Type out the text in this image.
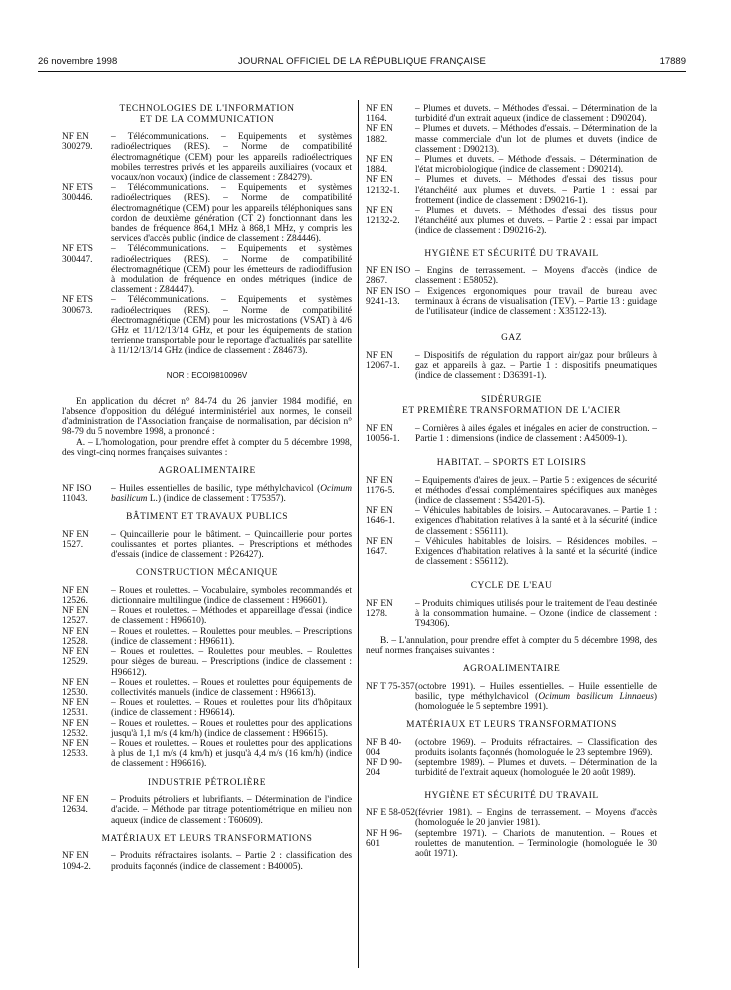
26 novembre 1998	JOURNAL OFFICIEL DE LA RÉPUBLIQUE FRANÇAISE	17889
TECHNOLOGIES DE L'INFORMATION
ET DE LA COMMUNICATION
NF EN 300279.
– Télécommunications. – Equipements et systèmes radioélectriques (RES). – Norme de compatibilité électromagnétique (CEM) pour les appareils radioélectriques mobiles terrestres privés et les appareils auxiliaires (vocaux et vocaux/non vocaux) (indice de classement : Z84279).
NF ETS 300446.
– Télécommunications. – Equipements et systèmes radioélectriques (RES). – Norme de compatibilité électromagnétique (CEM) pour les appareils téléphoniques sans cordon de deuxième génération (CT 2) fonctionnant dans les bandes de fréquence 864,1 MHz à 868,1 MHz, y compris les services d'accès public (indice de classement : Z84446).
NF ETS 300447.
– Télécommunications. – Equipements et systèmes radioélectriques (RES). – Norme de compatibilité électromagnétique (CEM) pour les émetteurs de radiodiffusion à modulation de fréquence en ondes métriques (indice de classement : Z84447).
NF ETS 300673.
– Télécommunications. – Equipements et systèmes radioélectriques (RES). – Norme de compatibilité électromagnétique (CEM) pour les microstations (VSAT) à 4/6 GHz et 11/12/13/14 GHz, et pour les équipements de station terrienne transportable pour le reportage d'actualités par satellite à 11/12/13/14 GHz (indice de classement : Z84673).
NOR : ECOI9810096V
En application du décret n° 84-74 du 26 janvier 1984 modifié, en l'absence d'opposition du délégué interministériel aux normes, le conseil d'administration de l'Association française de normalisation, par décision n° 98-79 du 5 novembre 1998, a prononcé :
A. – L'homologation, pour prendre effet à compter du 5 décembre 1998, des vingt-cinq normes françaises suivantes :
AGROALIMENTAIRE
NF ISO 11043.
– Huiles essentielles de basilic, type méthylchavicol (Ocimum basilicum L.) (indice de classement : T75357).
BÂTIMENT ET TRAVAUX PUBLICS
NF EN 1527.
– Quincaillerie pour le bâtiment. – Quincaillerie pour portes coulissantes et portes pliantes. – Prescriptions et méthodes d'essais (indice de classement : P26427).
CONSTRUCTION MÉCANIQUE
NF EN 12526.
– Roues et roulettes. – Vocabulaire, symboles recommandés et dictionnaire multilingue (indice de classement : H96601).
NF EN 12527.
– Roues et roulettes. – Méthodes et appareillage d'essai (indice de classement : H96610).
NF EN 12528.
– Roues et roulettes. – Roulettes pour meubles. – Prescriptions (indice de classement : H96611).
NF EN 12529.
– Roues et roulettes. – Roulettes pour meubles. – Roulettes pour sièges de bureau. – Prescriptions (indice de classement : H96612).
NF EN 12530.
– Roues et roulettes. – Roues et roulettes pour équipements de collectivités manuels (indice de classement : H96613).
NF EN 12531.
– Roues et roulettes. – Roues et roulettes pour lits d'hôpitaux (indice de classement : H96614).
NF EN 12532.
– Roues et roulettes. – Roues et roulettes pour des applications jusqu'à 1,1 m/s (4 km/h) (indice de classement : H96615).
NF EN 12533.
– Roues et roulettes. – Roues et roulettes pour des applications à plus de 1,1 m/s (4 km/h) et jusqu'à 4,4 m/s (16 km/h) (indice de classement : H96616).
INDUSTRIE PÉTROLIÈRE
NF EN 12634.
– Produits pétroliers et lubrifiants. – Détermination de l'indice d'acide. – Méthode par titrage potentiométrique en milieu non aqueux (indice de classement : T60609).
MATÉRIAUX ET LEURS TRANSFORMATIONS
NF EN 1094-2.
– Produits réfractaires isolants. – Partie 2 : classification des produits façonnés (indice de classement : B40005).
NF EN 1164.
– Plumes et duvets. – Méthodes d'essai. – Détermination de la turbidité d'un extrait aqueux (indice de classement : D90204).
NF EN 1882.
– Plumes et duvets. – Méthodes d'essais. – Détermination de la masse commerciale d'un lot de plumes et duvets (indice de classement : D90213).
NF EN 1884.
– Plumes et duvets. – Méthode d'essais. – Détermination de l'état microbiologique (indice de classement : D90214).
NF EN 12132-1.
– Plumes et duvets. – Méthodes d'essai des tissus pour l'étanchéité aux plumes et duvets. – Partie 1 : essai par frottement (indice de classement : D90216-1).
NF EN 12132-2.
– Plumes et duvets. – Méthodes d'essai des tissus pour l'étanchéité aux plumes et duvets. – Partie 2 : essai par impact (indice de classement : D90216-2).
HYGIÈNE ET SÉCURITÉ DU TRAVAIL
NF EN ISO 2867.
– Engins de terrassement. – Moyens d'accès (indice de classement : E58052).
NF EN ISO 9241-13.
– Exigences ergonomiques pour travail de bureau avec terminaux à écrans de visualisation (TEV). – Partie 13 : guidage de l'utilisateur (indice de classement : X35122-13).
GAZ
NF EN 12067-1.
– Dispositifs de régulation du rapport air/gaz pour brûleurs à gaz et appareils à gaz. – Partie 1 : dispositifs pneumatiques (indice de classement : D36391-1).
SIDÉRURGIE
ET PREMIÈRE TRANSFORMATION DE L'ACIER
NF EN 10056-1.
– Cornières à ailes égales et inégales en acier de construction. – Partie 1 : dimensions (indice de classement : A45009-1).
HABITAT. – SPORTS ET LOISIRS
NF EN 1176-5.
– Equipements d'aires de jeux. – Partie 5 : exigences de sécurité et méthodes d'essai complémentaires spécifiques aux manèges (indice de classement : S54201-5).
NF EN 1646-1.
– Véhicules habitables de loisirs. – Autocaravanes. – Partie 1 : exigences d'habitation relatives à la santé et à la sécurité (indice de classement : S56111).
NF EN 1647.
– Véhicules habitables de loisirs. – Résidences mobiles. – Exigences d'habitation relatives à la santé et la sécurité (indice de classement : S56112).
CYCLE DE L'EAU
NF EN 1278.
– Produits chimiques utilisés pour le traitement de l'eau destinée à la consommation humaine. – Ozone (indice de classement : T94306).
B. – L'annulation, pour prendre effet à compter du 5 décembre 1998, des neuf normes françaises suivantes :
AGROALIMENTAIRE
NF T 75-357 (octobre 1991). – Huiles essentielles. – Huile essentielle de basilic, type méthylchavicol (Ocimum basilicum Linnaeus) (homologuée le 5 septembre 1991).
MATÉRIAUX ET LEURS TRANSFORMATIONS
NF B 40-004
(octobre 1969). – Produits réfractaires. – Classification des produits isolants façonnés (homologuée le 23 septembre 1969).
NF D 90-204
(septembre 1989). – Plumes et duvets. – Détermination de la turbidité de l'extrait aqueux (homologuée le 20 août 1989).
HYGIÈNE ET SÉCURITÉ DU TRAVAIL
NF E 58-052 (février 1981). – Engins de terrassement. – Moyens d'accès (homologuée le 20 janvier 1981).
NF H 96-601
(septembre 1971). – Chariots de manutention. – Roues et roulettes de manutention. – Terminologie (homologuée le 30 août 1971).
